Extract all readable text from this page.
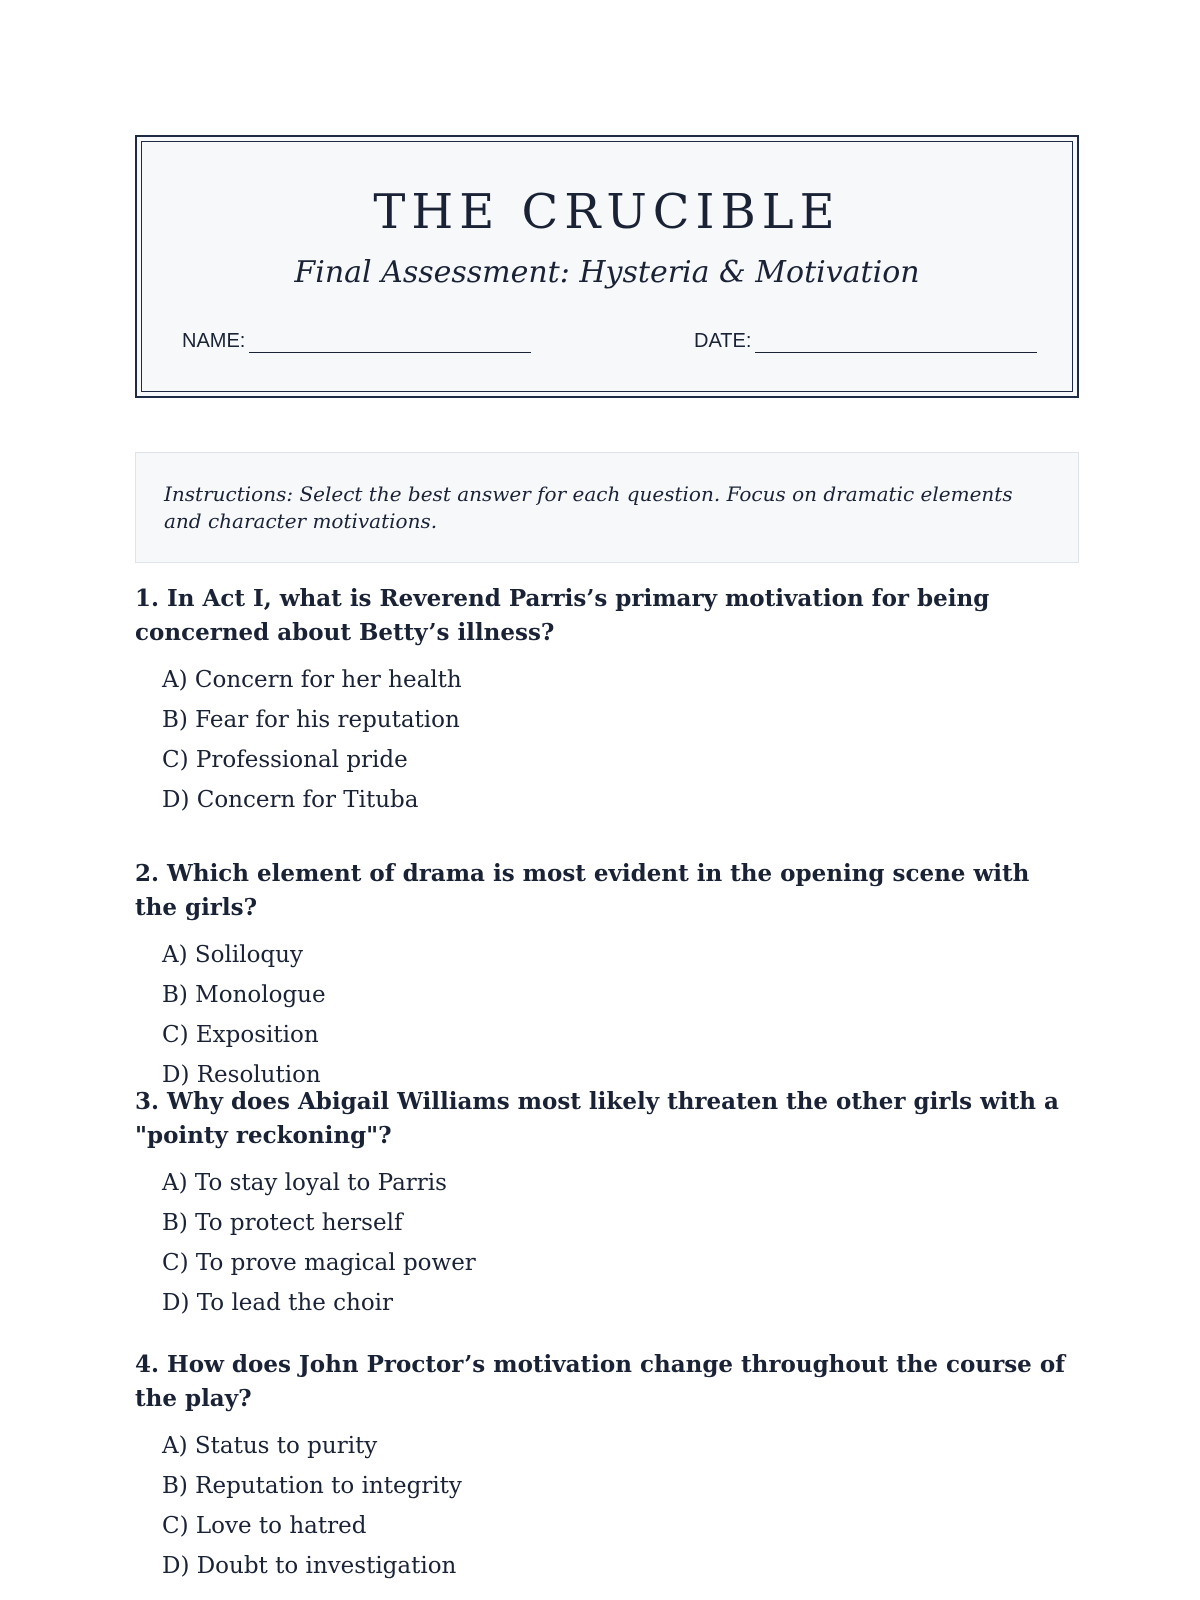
THE CRUCIBLE
Final Assessment: Hysteria & Motivation
NAME:	DATE:
Instructions: Select the best answer for each question. Focus on dramatic elements and character motivations.

1. In Act I, what is Reverend Parris’s primary motivation for being concerned about Betty’s illness?

A) Concern for her health
B) Fear for his reputation
C) Professional pride
D) Concern for Tituba

2. Which element of drama is most evident in the opening scene with the girls?

A) Soliloquy
B) Monologue
C) Exposition
D) Resolution

3. Why does Abigail Williams most likely threaten the other girls with a "pointy reckoning"?

A) To stay loyal to Parris
B) To protect herself
C) To prove magical power
D) To lead the choir

4. How does John Proctor’s motivation change throughout the course of the play?

A) Status to purity
B) Reputation to integrity
C) Love to hatred
D) Doubt to investigation
